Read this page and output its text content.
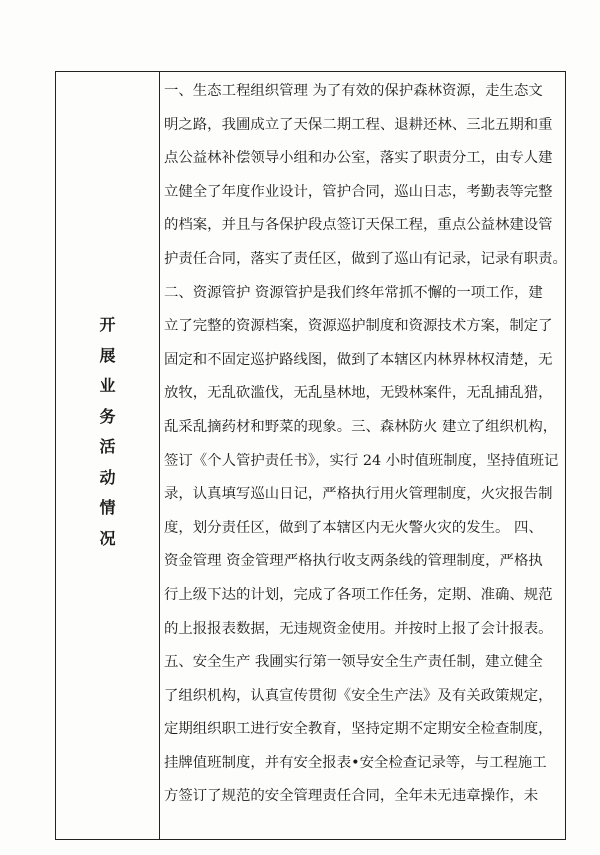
开
展
业
务
活
动
情
况
一、生态工程组织管理 为了有效的保护森林资源，走生态文
明之路，我圃成立了天保二期工程、退耕还林、三北五期和重
点公益林补偿领导小组和办公室，落实了职责分工，由专人建
立健全了年度作业设计，管护合同，巡山日志，考勤表等完整
的档案，并且与各保护段点签订天保工程，重点公益林建设管
护责任合同，落实了责任区，做到了巡山有记录，记录有职责。
二、资源管护 资源管护是我们终年常抓不懈的一项工作，建
立了完整的资源档案，资源巡护制度和资源技术方案，制定了
固定和不固定巡护路线图，做到了本辖区内林界林权清楚，无
放牧，无乱砍滥伐，无乱垦林地，无毁林案件，无乱捕乱猎，
乱采乱摘药材和野菜的现象。三、森林防火 建立了组织机构，
签订《个人管护责任书》，实行 24 小时值班制度，坚持值班记
录，认真填写巡山日记，严格执行用火管理制度，火灾报告制
度，划分责任区，做到了本辖区内无火警火灾的发生。 四、
资金管理 资金管理严格执行收支两条线的管理制度，严格执
行上级下达的计划，完成了各项工作任务，定期、准确、规范
的上报报表数据，无违规资金使用。并按时上报了会计报表。
五、安全生产 我圃实行第一领导安全生产责任制，建立健全
了组织机构，认真宣传贯彻《安全生产法》及有关政策规定，
定期组织职工进行安全教育，坚持定期不定期安全检查制度，
挂牌值班制度，并有安全报表•安全检查记录等，与工程施工
方签订了规范的安全管理责任合同，全年未无违章操作，未
